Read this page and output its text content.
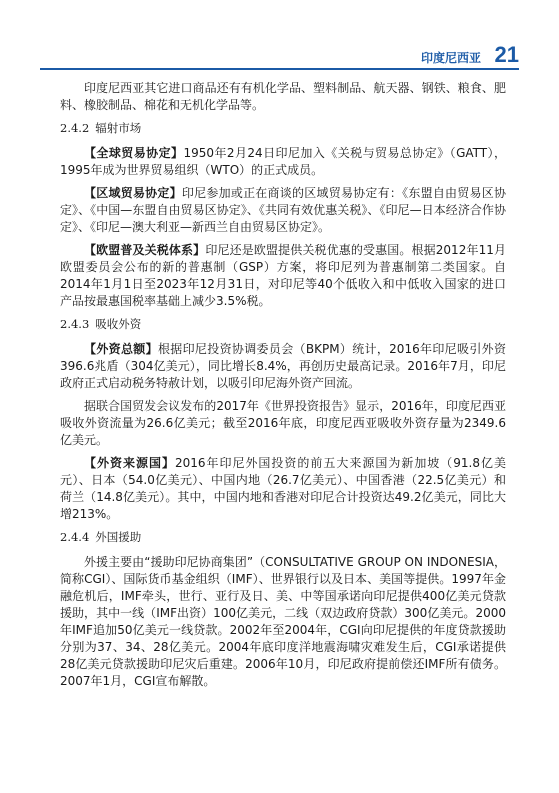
印度尼西亚 21

印度尼西亚其它进口商品还有有机化学品、塑料制品、航天器、钢铁、粮食、肥料、橡胶制品、棉花和无机化学品等。

2.4.2 辐射市场

【全球贸易协定】1950年2月24日印尼加入《关税与贸易总协定》（GATT），1995年成为世界贸易组织（WTO）的正式成员。

【区域贸易协定】印尼参加或正在商谈的区域贸易协定有：《东盟自由贸易区协定》、《中国—东盟自由贸易区协定》、《共同有效优惠关税》、《印尼—日本经济合作协定》、《印尼—澳大利亚—新西兰自由贸易区协定》。

【欧盟普及关税体系】印尼还是欧盟提供关税优惠的受惠国。根据2012年11月欧盟委员会公布的新的普惠制（GSP）方案，将印尼列为普惠制第二类国家。自2014年1月1日至2023年12月31日，对印尼等40个低收入和中低收入国家的进口产品按最惠国税率基础上减少3.5%税。

2.4.3 吸收外资

【外资总额】根据印尼投资协调委员会（BKPM）统计，2016年印尼吸引外资396.6兆盾（304亿美元），同比增长8.4%，再创历史最高记录。2016年7月，印尼政府正式启动税务特赦计划，以吸引印尼海外资产回流。

据联合国贸发会议发布的2017年《世界投资报告》显示，2016年，印度尼西亚吸收外资流量为26.6亿美元；截至2016年底，印度尼西亚吸收外资存量为2349.6亿美元。

【外资来源国】2016年印尼外国投资的前五大来源国为新加坡（91.8亿美元）、日本（54.0亿美元）、中国内地（26.7亿美元）、中国香港（22.5亿美元）和荷兰（14.8亿美元）。其中，中国内地和香港对印尼合计投资达49.2亿美元，同比大增213%。

2.4.4 外国援助

外援主要由“援助印尼协商集团”（CONSULTATIVE GROUP ON INDONESIA，简称CGI）、国际货币基金组织（IMF）、世界银行以及日本、美国等提供。1997年金融危机后，IMF牵头，世行、亚行及日、美、中等国承诺向印尼提供400亿美元贷款援助，其中一线（IMF出资）100亿美元，二线（双边政府贷款）300亿美元。2000年IMF追加50亿美元一线贷款。2002年至2004年，CGI向印尼提供的年度贷款援助分别为37、34、28亿美元。2004年底印度洋地震海啸灾难发生后，CGI承诺提供28亿美元贷款援助印尼灾后重建。2006年10月，印尼政府提前偿还IMF所有债务。2007年1月，CGI宣布解散。
